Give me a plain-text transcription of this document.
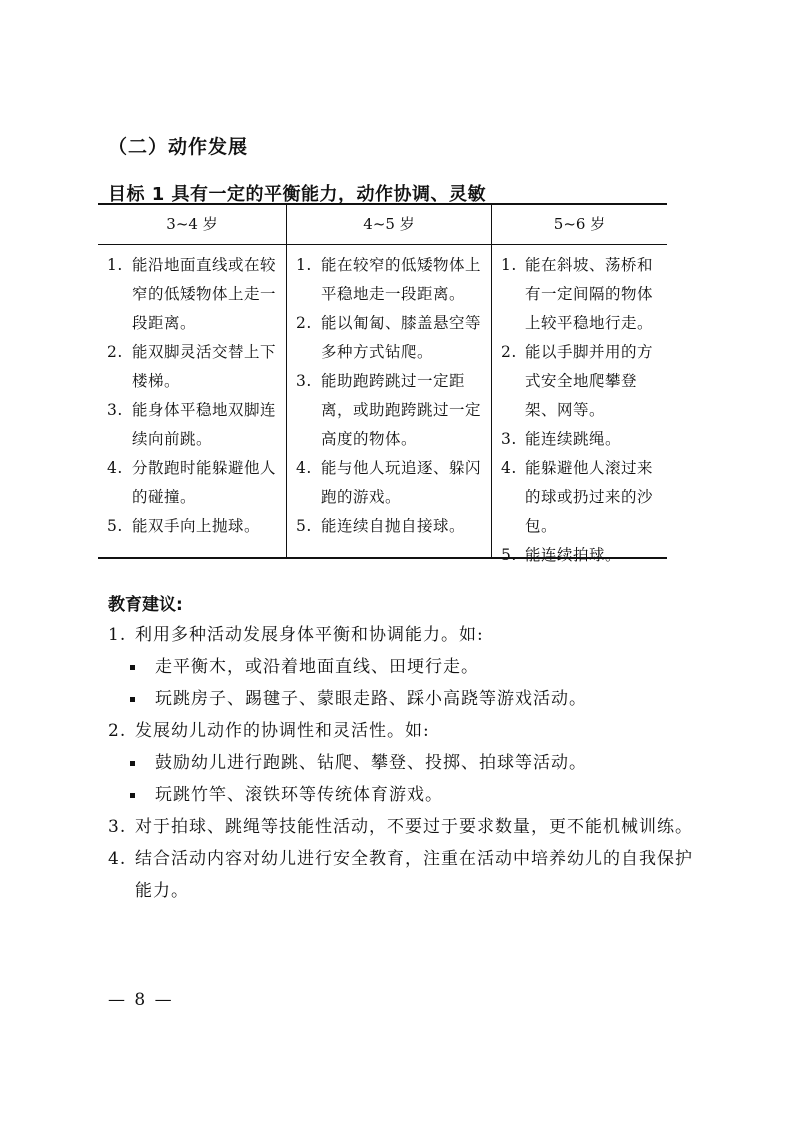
（二）动作发展
目标 1 具有一定的平衡能力，动作协调、灵敏
3~4 岁
1. 能沿地面直线或在较窄的低矮物体上走一段距离。
2. 能双脚灵活交替上下楼梯。
3. 能身体平稳地双脚连续向前跳。
4. 分散跑时能躲避他人的碰撞。
5. 能双手向上抛球。
4~5 岁
1. 能在较窄的低矮物体上平稳地走一段距离。
2. 能以匍匐、膝盖悬空等多种方式钻爬。
3. 能助跑跨跳过一定距离，或助跑跨跳过一定高度的物体。
4. 能与他人玩追逐、躲闪跑的游戏。
5. 能连续自抛自接球。
5~6 岁
1. 能在斜坡、荡桥和有一定间隔的物体上较平稳地行走。
2. 能以手脚并用的方式安全地爬攀登架、网等。
3. 能连续跳绳。
4. 能躲避他人滚过来的球或扔过来的沙包。
5. 能连续拍球。
教育建议:
1. 利用多种活动发展身体平衡和协调能力。如:
走平衡木，或沿着地面直线、田埂行走。
玩跳房子、踢毽子、蒙眼走路、踩小高跷等游戏活动。
2. 发展幼儿动作的协调性和灵活性。如:
鼓励幼儿进行跑跳、钻爬、攀登、投掷、拍球等活动。
玩跳竹竿、滚铁环等传统体育游戏。
3. 对于拍球、跳绳等技能性活动，不要过于要求数量，更不能机械训练。
4. 结合活动内容对幼儿进行安全教育，注重在活动中培养幼儿的自我保护能力。
— 8 —
